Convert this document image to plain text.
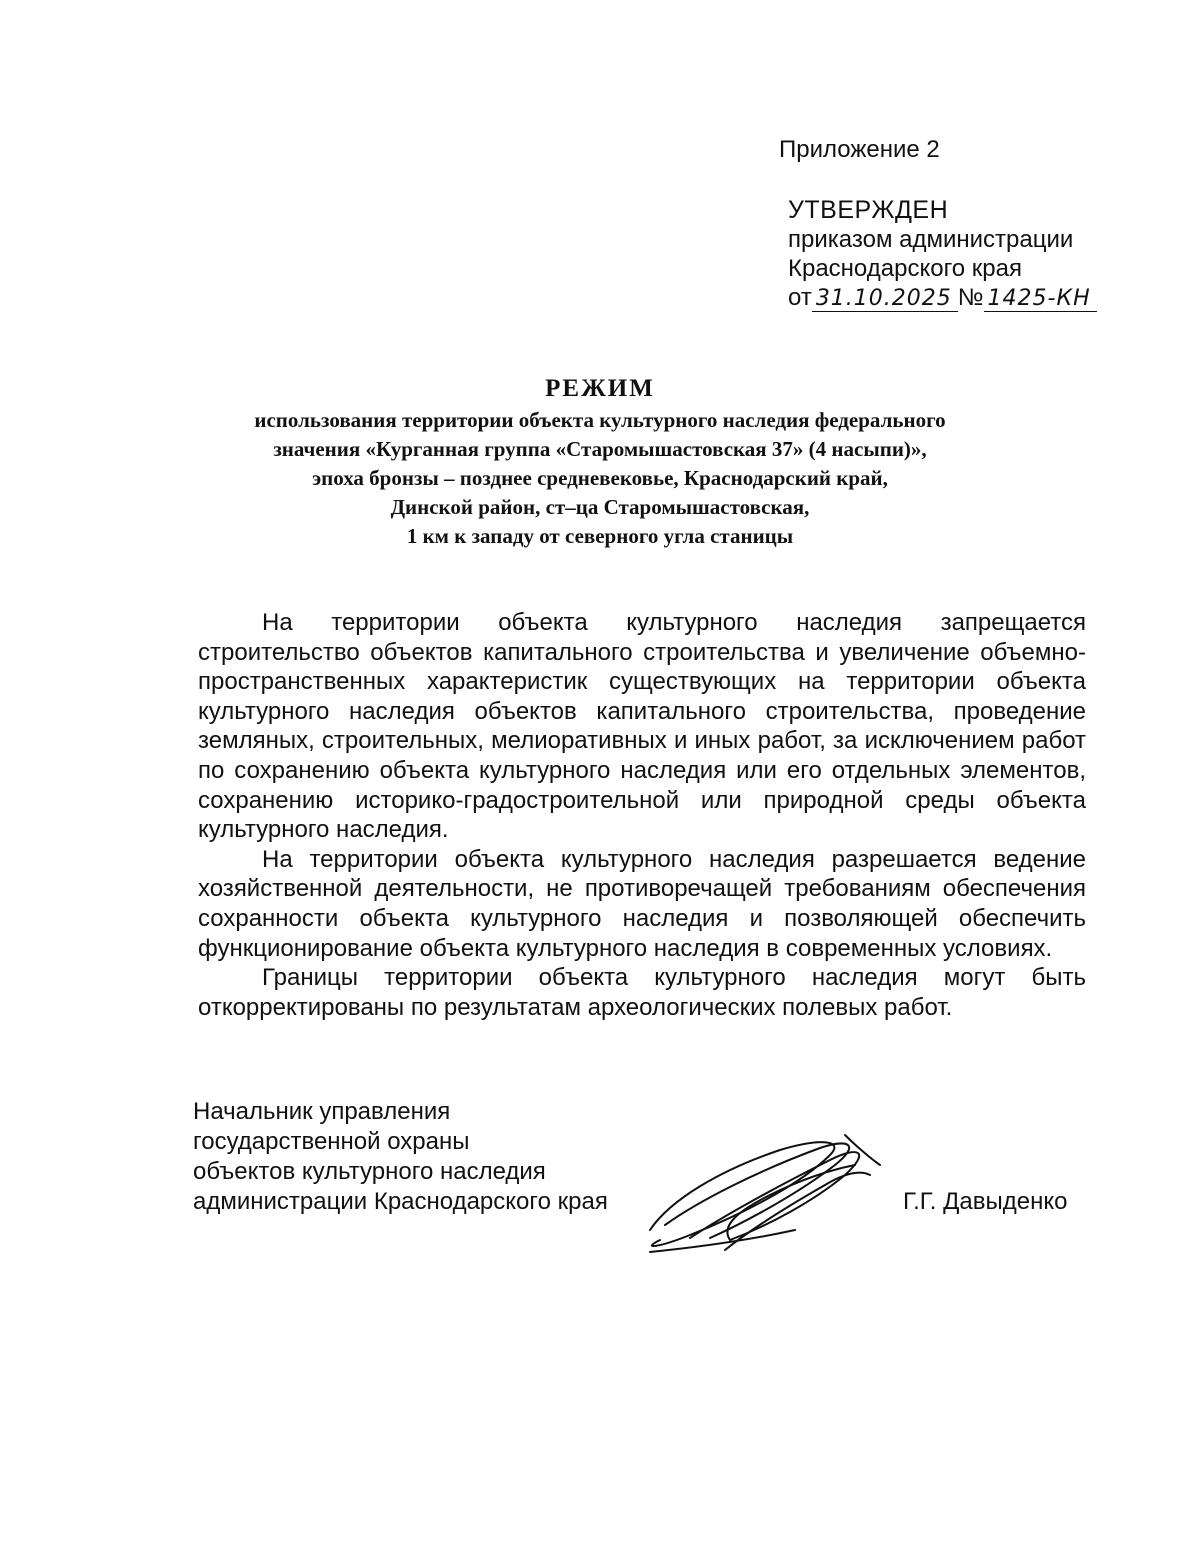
Приложение 2
УТВЕРЖДЕН
приказом администрации
Краснодарского края
от 31.10.2025 № 1425-КН
РЕЖИМ
использования территории объекта культурного наследия федерального
значения «Курганная группа «Старомышастовская 37» (4 насыпи)»,
эпоха бронзы – позднее средневековье, Краснодарский край,
Динской район, ст–ца Старомышастовская,
1 км к западу от северного угла станицы

На территории объекта культурного наследия запрещается строительство объектов капитального строительства и увеличение объемно-пространственных характеристик существующих на территории объекта культурного наследия объектов капитального строительства, проведение земляных, строительных, мелиоративных и иных работ, за исключением работ по сохранению объекта культурного наследия или его отдельных элементов, сохранению историко-градостроительной или природной среды объекта культурного наследия.

На территории объекта культурного наследия разрешается ведение хозяйственной деятельности, не противоречащей требованиям обеспечения сохранности объекта культурного наследия и позволяющей обеспечить функционирование объекта культурного наследия в современных условиях.

Границы территории объекта культурного наследия могут быть откорректированы по результатам археологических полевых работ.

Начальник управления
государственной охраны
объектов культурного наследия
администрации Краснодарского края	Г.Г. Давыденко
